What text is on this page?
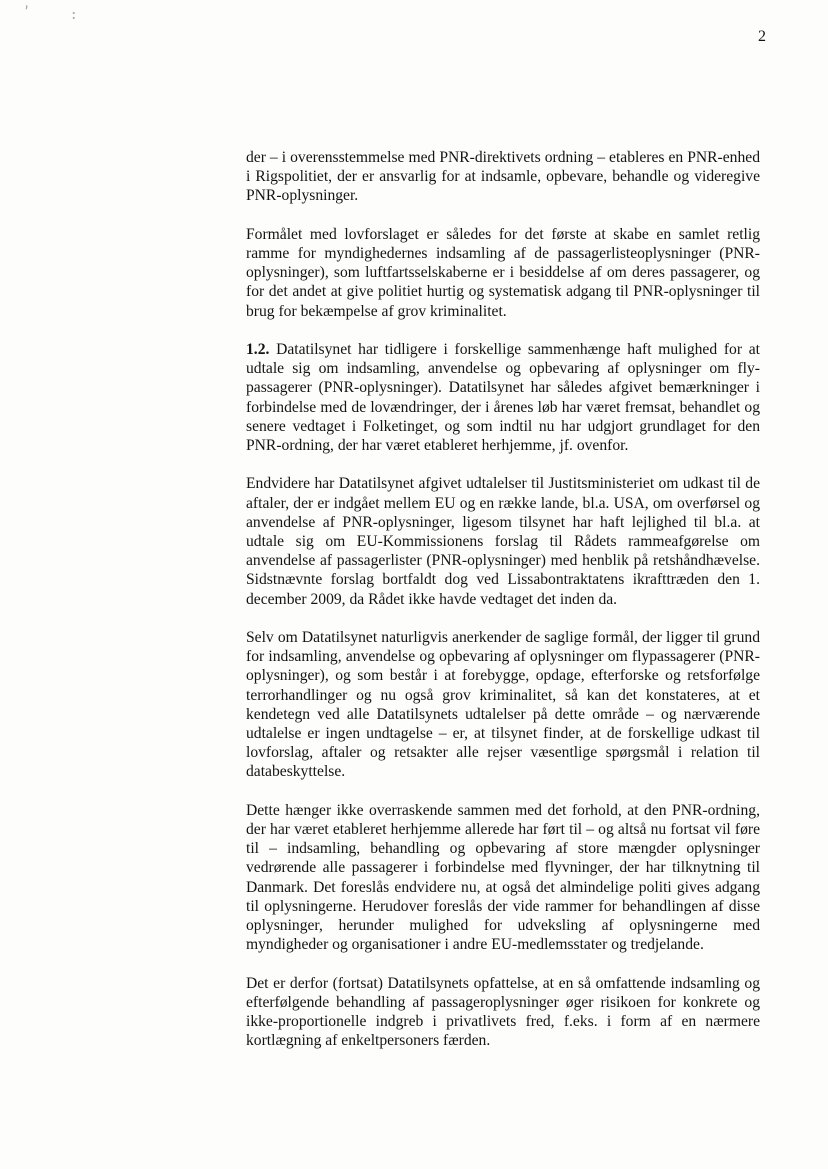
’ :
2

der – i overensstemmelse med PNR-direktivets ordning – etableres en PNR-enhed i Rigspolitiet, der er ansvarlig for at indsamle, opbevare, behandle og videregive PNR-oplysninger.

Formålet med lovforslaget er således for det første at skabe en samlet retlig ramme for myndighedernes indsamling af de passagerlisteoplysninger (PNR-oplysninger), som luftfartsselskaberne er i besiddelse af om deres passagerer, og for det andet at give politiet hurtig og systematisk adgang til PNR-oplysninger til brug for bekæmpelse af grov kriminalitet.

1.2. Datatilsynet har tidligere i forskellige sammenhænge haft mulighed for at udtale sig om indsamling, anvendelse og opbevaring af oplysninger om fly-passagerer (PNR-oplysninger). Datatilsynet har således afgivet bemærkninger i forbindelse med de lovændringer, der i årenes løb har været fremsat, behandlet og senere vedtaget i Folketinget, og som indtil nu har udgjort grundlaget for den PNR-ordning, der har været etableret herhjemme, jf. ovenfor.

Endvidere har Datatilsynet afgivet udtalelser til Justitsministeriet om udkast til de aftaler, der er indgået mellem EU og en række lande, bl.a. USA, om overførsel og anvendelse af PNR-oplysninger, ligesom tilsynet har haft lejlighed til bl.a. at udtale sig om EU-Kommissionens forslag til Rådets rammeafgørelse om anvendelse af passagerlister (PNR-oplysninger) med henblik på retshåndhævelse. Sidstnævnte forslag bortfaldt dog ved Lissabontraktatens ikrafttræden den 1. december 2009, da Rådet ikke havde vedtaget det inden da.

Selv om Datatilsynet naturligvis anerkender de saglige formål, der ligger til grund for indsamling, anvendelse og opbevaring af oplysninger om flypassagerer (PNR-oplysninger), og som består i at forebygge, opdage, efterforske og retsforfølge terrorhandlinger og nu også grov kriminalitet, så kan det konstateres, at et kendetegn ved alle Datatilsynets udtalelser på dette område – og nærværende udtalelse er ingen undtagelse – er, at tilsynet finder, at de forskellige udkast til lovforslag, aftaler og retsakter alle rejser væsentlige spørgsmål i relation til databeskyttelse.

Dette hænger ikke overraskende sammen med det forhold, at den PNR-ordning, der har været etableret herhjemme allerede har ført til – og altså nu fortsat vil føre til – indsamling, behandling og opbevaring af store mængder oplysninger vedrørende alle passagerer i forbindelse med flyvninger, der har tilknytning til Danmark. Det foreslås endvidere nu, at også det almindelige politi gives adgang til oplysningerne. Herudover foreslås der vide rammer for behandlingen af disse oplysninger, herunder mulighed for udveksling af oplysningerne med myndigheder og organisationer i andre EU-medlemsstater og tredjelande.

Det er derfor (fortsat) Datatilsynets opfattelse, at en så omfattende indsamling og efterfølgende behandling af passageroplysninger øger risikoen for konkrete og ikke-proportionelle indgreb i privatlivets fred, f.eks. i form af en nærmere kortlægning af enkeltpersoners færden.
